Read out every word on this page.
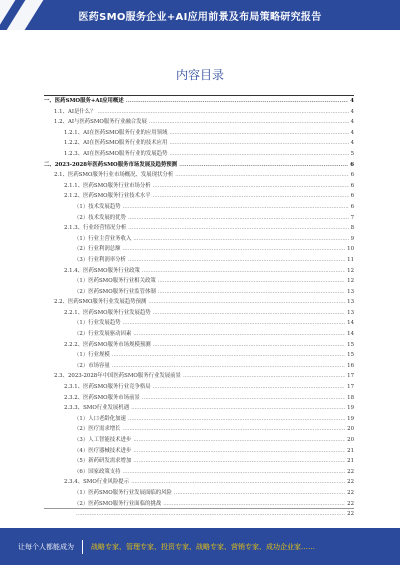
医药SMO服务企业+AI应用前景及布局策略研究报告
内容目录
一、医药SMO服务+AI应用概述 .....	4
1.1、AI是什么？ .....	4
1.2、AI与医药SMO服务行业融合发展 .....	4
1.2.1、AI在医药SMO服务行业的应用领域 .....	4
1.2.2、AI在医药SMO服务行业的技术应用 .....	4
1.2.3、AI在医药SMO服务行业的发展趋势 .....	5
二、2023-2028年医药SMO服务市场发展及趋势预测 .....	6
2.1、医药SMO服务行业市场概况、发展现状分析 .....	6
2.1.1、医药SMO服务行业市场分析 .....	6
2.1.2、医药SMO服务行业技术水平 .....	6
（1）技术发展趋势 .....	6
（2）技术发展的优势 .....	7
2.1.3、行业经营情况分析 .....	8
（1）行业主营业务收入 .....	9
（2）行业利润总额 .....	10
（3）行业利润率分析 .....	11
2.1.4、医药SMO服务行业政策 .....	12
（1）医药SMO服务行业相关政策 .....	12
（2）医药SMO服务行业监管体制 .....	13
2.2、医药SMO服务行业发展趋势预测 .....	13
2.2.1、医药SMO服务行业发展趋势 .....	13
（1）行业发展趋势 .....	14
（2）行业发展驱动因素 .....	14
2.2.2、医药SMO服务市场规模预测 .....	15
（1）行业规模 .....	15
（2）市场容量 .....	16
2.3、2023-2028年中国医药SMO服务行业发展前景 .....	17
2.3.1、医药SMO服务行业竞争格局 .....	17
2.3.2、医药SMO服务市场前景 .....	18
2.3.3、SMO行业发展机遇 .....	19
（1）人口老龄化加速 .....	19
（2）医疗需求增长 .....	20
（3）人工智能技术进步 .....	20
（4）医疗器械技术进步 .....	21
（5）新药研发需求增加 .....	21
（6）国家政策支持 .....	22
2.3.4、SMO行业风险提示 .....	22
（1）医药SMO服务行业发展面临的风险 .....	22
（2）医药SMO服务行业面临的挑战 .....	22
.....
22
让每个人都能成为 战略专家、管理专家、投资专家、战略专家、营销专家、成功企业家……
